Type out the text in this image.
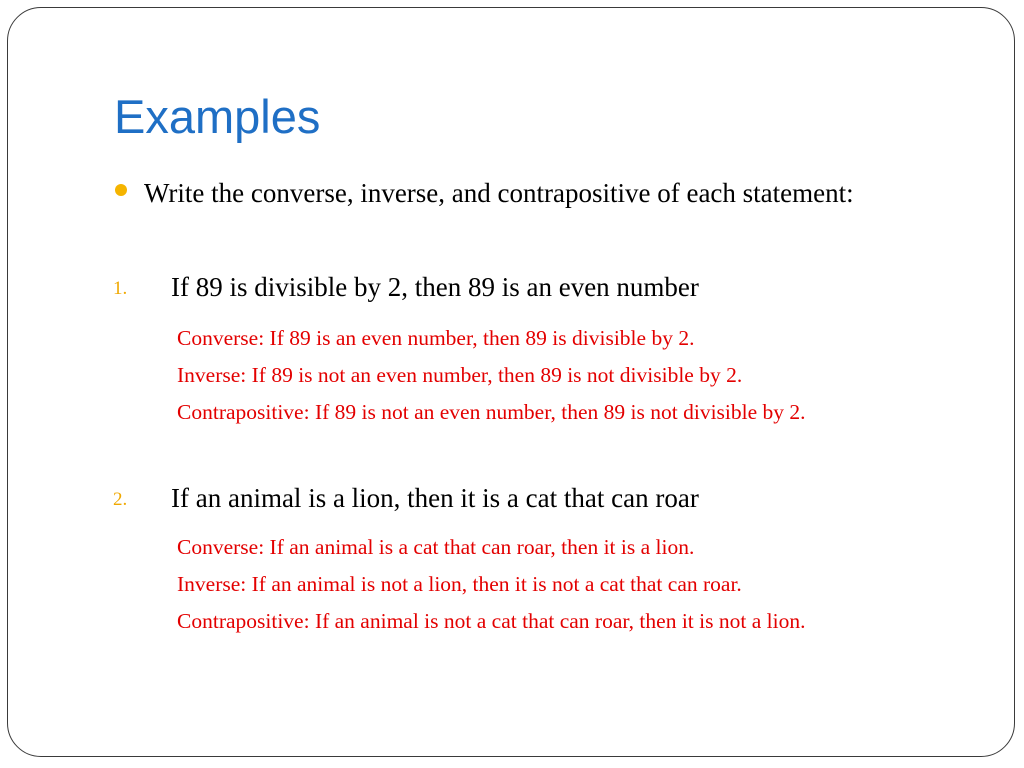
Examples
Write the converse, inverse, and contrapositive of each statement:
1. If 89 is divisible by 2, then 89 is an even number
Converse: If 89 is an even number, then 89 is divisible by 2.
Inverse: If 89 is not an even number, then 89 is not divisible by 2.
Contrapositive: If 89 is not an even number, then 89 is not divisible by 2.
2. If an animal is a lion, then it is a cat that can roar
Converse: If an animal is a cat that can roar, then it is a lion.
Inverse: If an animal is not a lion, then it is not a cat that can roar.
Contrapositive: If an animal is not a cat that can roar, then it is not a lion.
